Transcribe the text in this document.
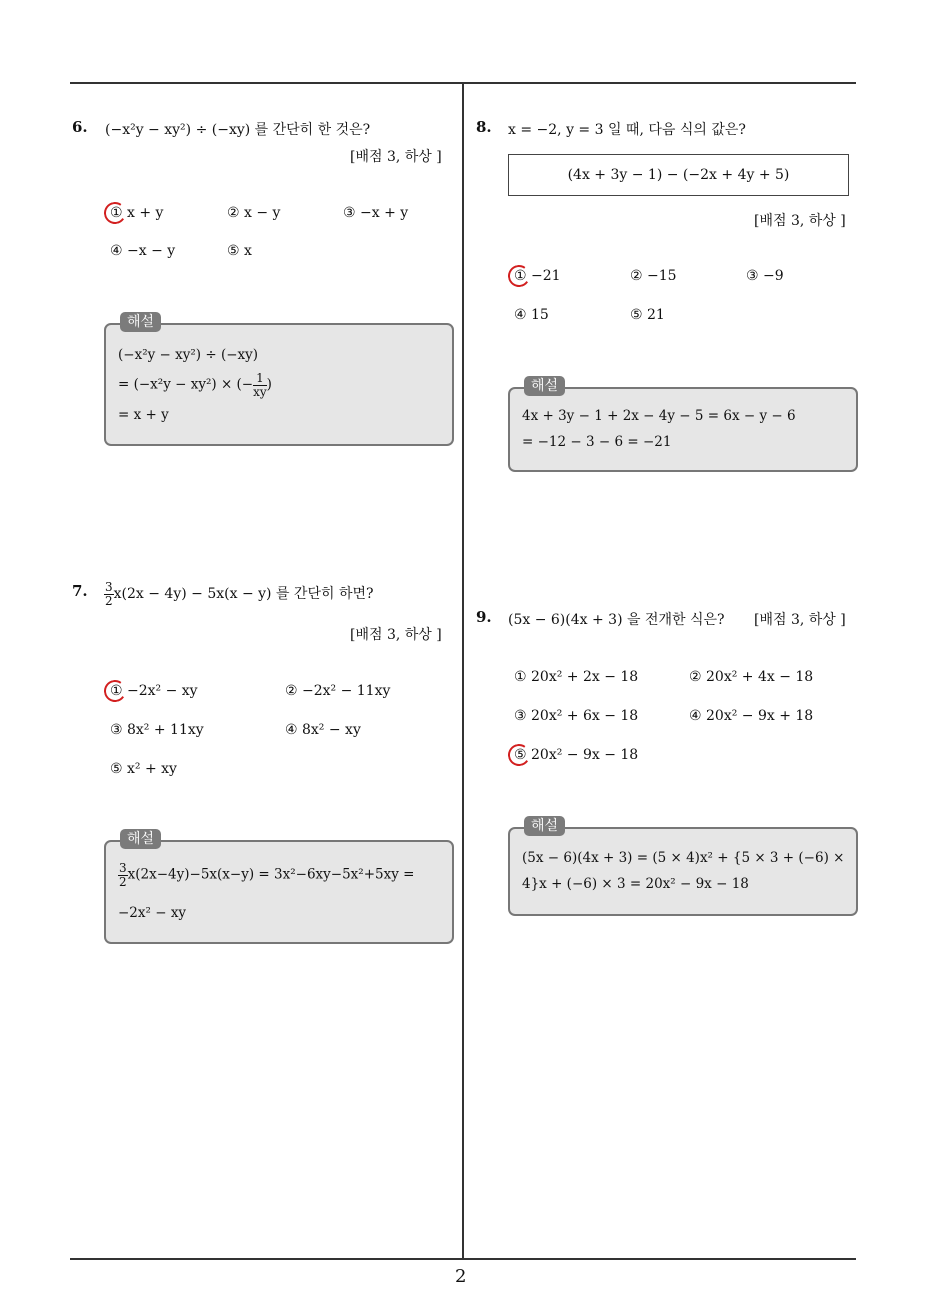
6. (−x²y − xy²) ÷ (−xy) 를 간단히 한 것은?
[배점 3, 하상 ]
① x + y	② x − y	③ −x + y
④ −x − y	⑤ x
해설
(−x²y − xy²) ÷ (−xy)
= (−x²y − xy²) × (− $\frac{1}{xy}$ )
= x + y
7. $\frac{3}{2} x(2x - 4y) - 5x(x - y)$ 를 간단히 하면?
[배점 3, 하상 ]
① −2x² − xy	② −2x² − 11xy
③ 8x² + 11xy	④ 8x² − xy
⑤ x² + xy
해설
$\frac{3}{2} x(2x-4y)-5x(x-y) = 3x^2-6xy-5x^2+5xy$ =
−2x² − xy
8. x = −2, y = 3 일 때, 다음 식의 값은?
(4x + 3y − 1) − (−2x + 4y + 5)
[배점 3, 하상 ]
① −21	② −15	③ −9
④ 15	⑤ 21
해설
4x + 3y − 1 + 2x − 4y − 5 = 6x − y − 6
= −12 − 3 − 6 = −21
9. (5x − 6)(4x + 3) 을 전개한 식은? [배점 3, 하상 ]
① 20x² + 2x − 18	② 20x² + 4x − 18
③ 20x² + 6x − 18	④ 20x² − 9x + 18
⑤ 20x² − 9x − 18
해설
(5x − 6)(4x + 3) = (5 × 4)x² + {5 × 3 + (−6) ×
4}x + (−6) × 3 = 20x² − 9x − 18
2
